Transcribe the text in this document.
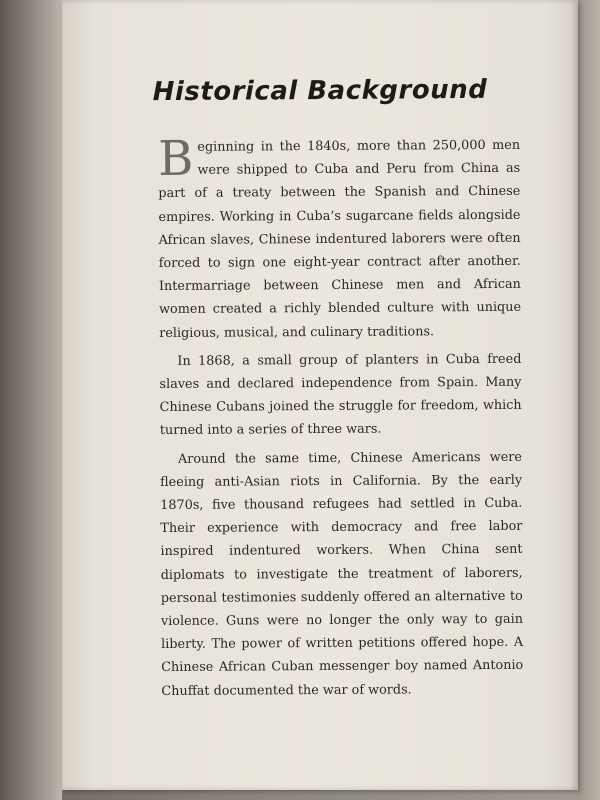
Historical Background

Beginning in the 1840s, more than 250,000 men were shipped to Cuba and Peru from China as part of a treaty between the Spanish and Chinese empires. Working in Cuba’s sugarcane fields alongside African slaves, Chinese indentured laborers were often forced to sign one eight-year contract after another. Intermarriage between Chinese men and African women created a richly blended culture with unique religious, musical, and culinary traditions.

In 1868, a small group of planters in Cuba freed slaves and declared independence from Spain. Many Chinese Cubans joined the struggle for freedom, which turned into a series of three wars.

Around the same time, Chinese Americans were fleeing anti-Asian riots in California. By the early 1870s, five thousand refugees had settled in Cuba. Their experience with democracy and free labor inspired indentured workers. When China sent diplomats to investigate the treatment of laborers, personal testimonies suddenly offered an alternative to violence. Guns were no longer the only way to gain liberty. The power of written petitions offered hope. A Chinese African Cuban messenger boy named Antonio Chuffat documented the war of words.
